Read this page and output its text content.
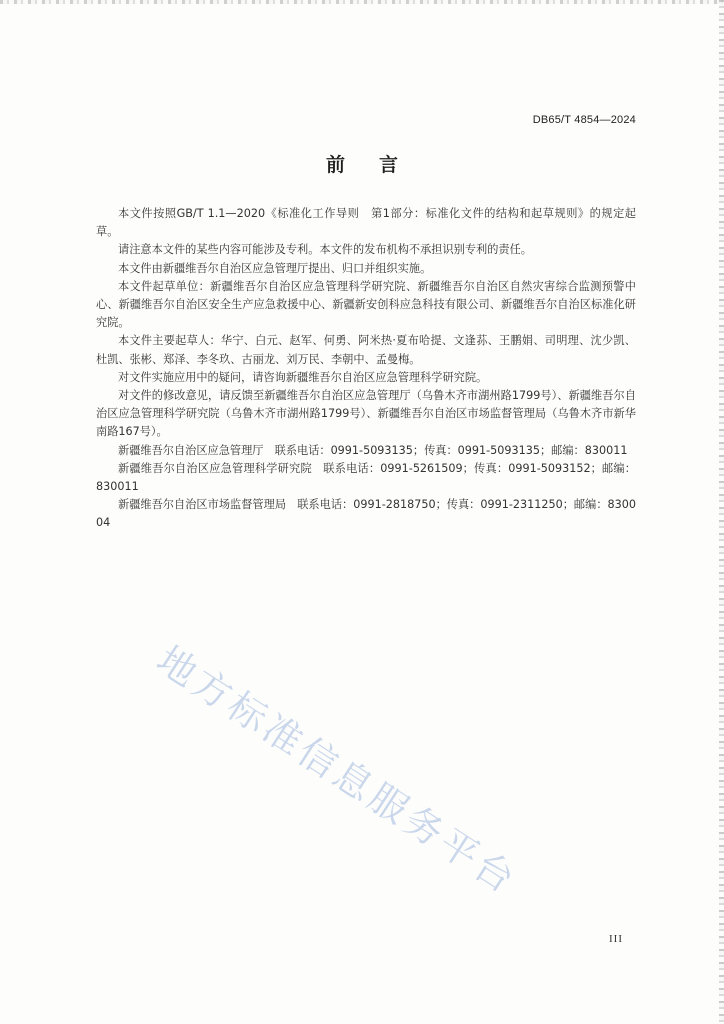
DB65/T 4854—2024
前言

本文件按照GB/T 1.1—2020《标准化工作导则　第1部分：标准化文件的结构和起草规则》的规定起草。

请注意本文件的某些内容可能涉及专利。本文件的发布机构不承担识别专利的责任。

本文件由新疆维吾尔自治区应急管理厅提出、归口并组织实施。

本文件起草单位：新疆维吾尔自治区应急管理科学研究院、新疆维吾尔自治区自然灾害综合监测预警中心、新疆维吾尔自治区安全生产应急救援中心、新疆新安创科应急科技有限公司、新疆维吾尔自治区标准化研究院。

本文件主要起草人：华宁、白元、赵军、何勇、阿米热·夏布哈提、文逢荪、王鹏娟、司明理、沈少凯、杜凯、张彬、郑泽、李冬玖、古丽龙、刘万民、李朝中、孟曼梅。

对文件实施应用中的疑问，请咨询新疆维吾尔自治区应急管理科学研究院。

对文件的修改意见，请反馈至新疆维吾尔自治区应急管理厅（乌鲁木齐市湖州路1799号）、新疆维吾尔自治区应急管理科学研究院（乌鲁木齐市湖州路1799号）、新疆维吾尔自治区市场监督管理局（乌鲁木齐市新华南路167号）。

新疆维吾尔自治区应急管理厅　联系电话：0991-5093135；传真：0991-5093135；邮编：830011

新疆维吾尔自治区应急管理科学研究院　联系电话：0991-5261509；传真：0991-5093152；邮编：830011

新疆维吾尔自治区市场监督管理局　联系电话：0991-2818750；传真：0991-2311250；邮编：830004

地方标准信息服务平台
III
